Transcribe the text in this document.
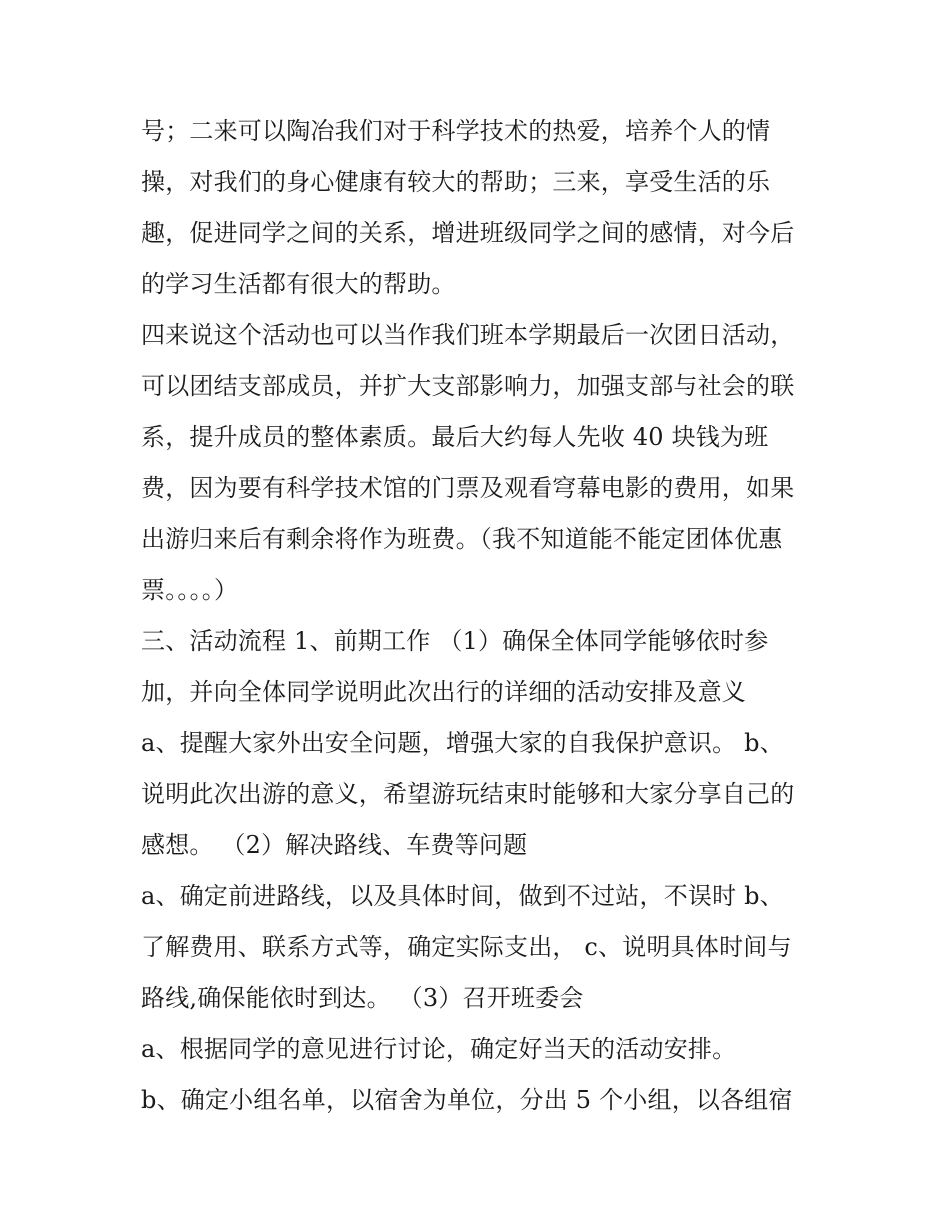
号；二来可以陶冶我们对于科学技术的热爱，培养个人的情
操，对我们的身心健康有较大的帮助；三来，享受生活的乐
趣，促进同学之间的关系，增进班级同学之间的感情，对今后
的学习生活都有很大的帮助。
四来说这个活动也可以当作我们班本学期最后一次团日活动，
可以团结支部成员，并扩大支部影响力，加强支部与社会的联
系，提升成员的整体素质。最后大约每人先收 40 块钱为班
费，因为要有科学技术馆的门票及观看穹幕电影的费用，如果
出游归来后有剩余将作为班费。（我不知道能不能定团体优惠
票。。。。）
三、活动流程 1、前期工作 （1）确保全体同学能够依时参
加，并向全体同学说明此次出行的详细的活动安排及意义
a、提醒大家外出安全问题，增强大家的自我保护意识。 b、
说明此次出游的意义，希望游玩结束时能够和大家分享自己的
感想。 （2）解决路线、车费等问题
a、确定前进路线，以及具体时间，做到不过站，不误时 b、
了解费用、联系方式等，确定实际支出， c、说明具体时间与
路线,确保能依时到达。 （3）召开班委会
a、根据同学的意见进行讨论，确定好当天的活动安排。
b、确定小组名单，以宿舍为单位，分出 5 个小组，以各组宿
